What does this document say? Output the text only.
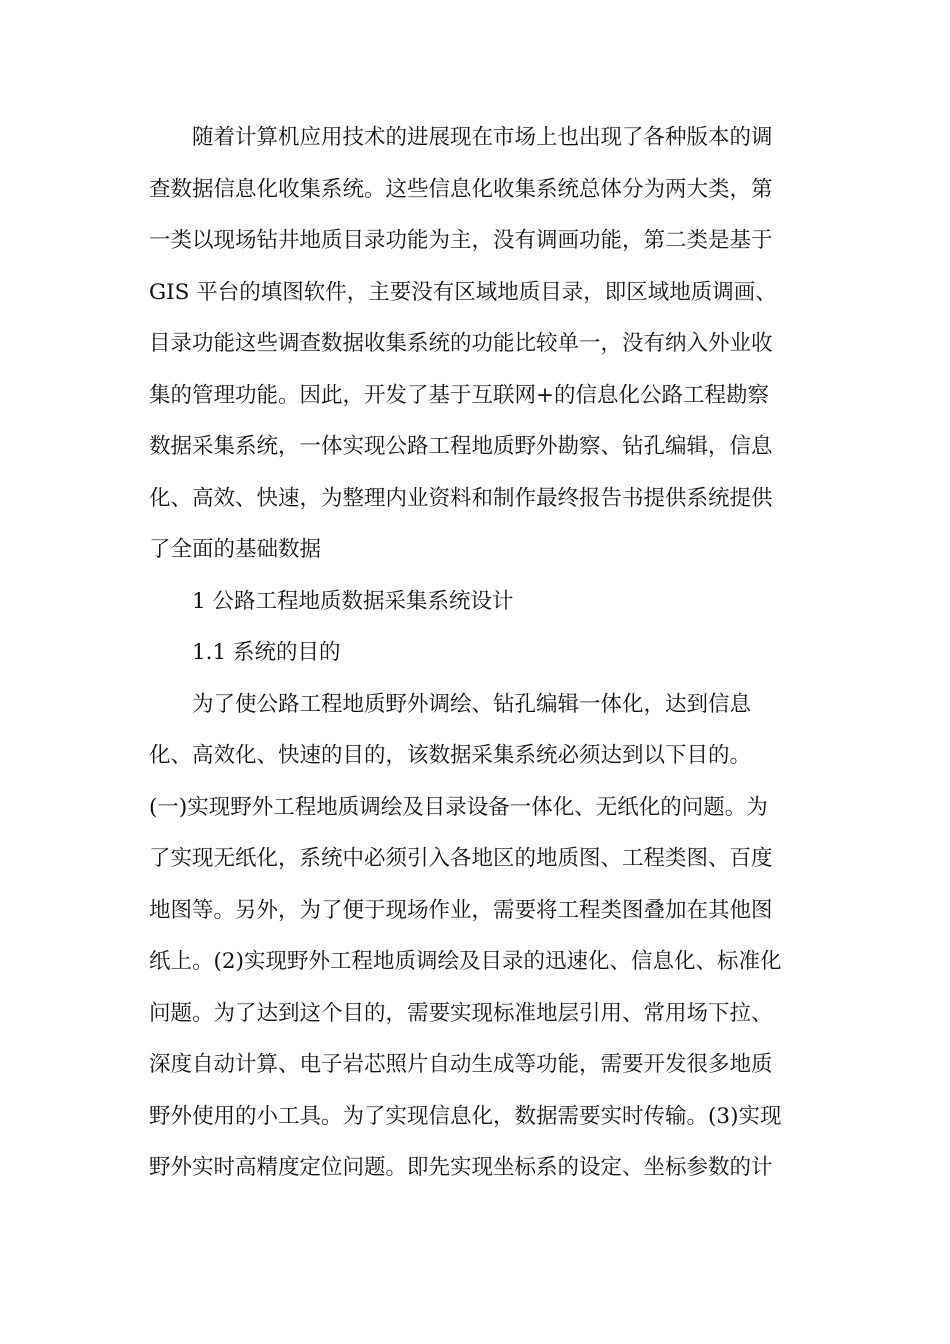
随着计算机应用技术的进展现在市场上也出现了各种版本的调
查数据信息化收集系统。这些信息化收集系统总体分为两大类，第
一类以现场钻井地质目录功能为主，没有调画功能，第二类是基于
GIS 平台的填图软件，主要没有区域地质目录，即区域地质调画、
目录功能这些调查数据收集系统的功能比较单一，没有纳入外业收
集的管理功能。因此，开发了基于互联网+的信息化公路工程勘察
数据采集系统，一体实现公路工程地质野外勘察、钻孔编辑，信息
化、高效、快速，为整理内业资料和制作最终报告书提供系统提供
了全面的基础数据
1 公路工程地质数据采集系统设计
1.1 系统的目的
为了使公路工程地质野外调绘、钻孔编辑一体化，达到信息
化、高效化、快速的目的，该数据采集系统必须达到以下目的。
(一)实现野外工程地质调绘及目录设备一体化、无纸化的问题。为
了实现无纸化，系统中必须引入各地区的地质图、工程类图、百度
地图等。另外，为了便于现场作业，需要将工程类图叠加在其他图
纸上。(2)实现野外工程地质调绘及目录的迅速化、信息化、标准化
问题。为了达到这个目的，需要实现标准地层引用、常用场下拉、
深度自动计算、电子岩芯照片自动生成等功能，需要开发很多地质
野外使用的小工具。为了实现信息化，数据需要实时传输。(3)实现
野外实时高精度定位问题。即先实现坐标系的设定、坐标参数的计
